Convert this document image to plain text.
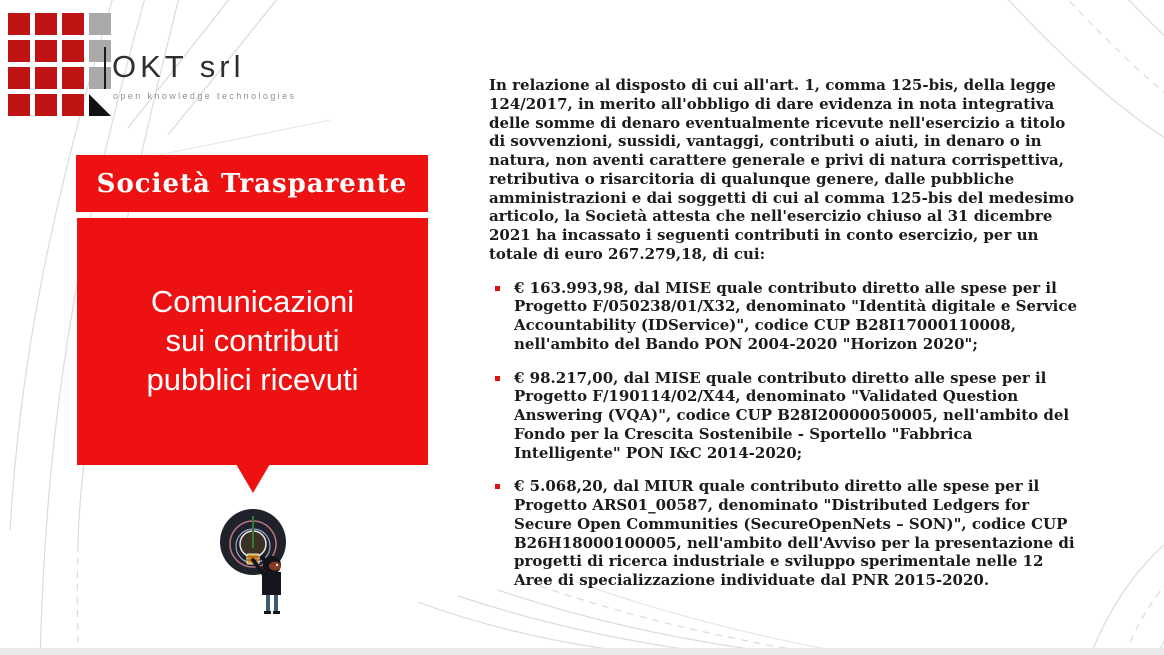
OKT srl
open knowledge technologies
Società Trasparente
Comunicazioni sui contributi pubblici ricevuti

In relazione al disposto di cui all'art. 1, comma 125-bis, della legge 124/2017, in merito all'obbligo di dare evidenza in nota integrativa delle somme di denaro eventualmente ricevute nell'esercizio a titolo di sovvenzioni, sussidi, vantaggi, contributi o aiuti, in denaro o in natura, non aventi carattere generale e privi di natura corrispettiva, retributiva o risarcitoria di qualunque genere, dalle pubbliche amministrazioni e dai soggetti di cui al comma 125-bis del medesimo articolo, la Società attesta che nell'esercizio chiuso al 31 dicembre 2021 ha incassato i seguenti contributi in conto esercizio, per un totale di euro 267.279,18, di cui:

€ 163.993,98, dal MISE quale contributo diretto alle spese per il Progetto F/050238/01/X32, denominato "Identità digitale e Service Accountability (IDService)", codice CUP B28I17000110008, nell'ambito del Bando PON 2004-2020 "Horizon 2020";
€ 98.217,00, dal MISE quale contributo diretto alle spese per il Progetto F/190114/02/X44, denominato "Validated Question Answering (VQA)", codice CUP B28I20000050005, nell'ambito del Fondo per la Crescita Sostenibile - Sportello "Fabbrica Intelligente" PON I&C 2014-2020;
€ 5.068,20, dal MIUR quale contributo diretto alle spese per il Progetto ARS01_00587, denominato "Distributed Ledgers for Secure Open Communities (SecureOpenNets – SON)", codice CUP B26H18000100005, nell'ambito dell'Avviso per la presentazione di progetti di ricerca industriale e sviluppo sperimentale nelle 12 Aree di specializzazione individuate dal PNR 2015-2020.
